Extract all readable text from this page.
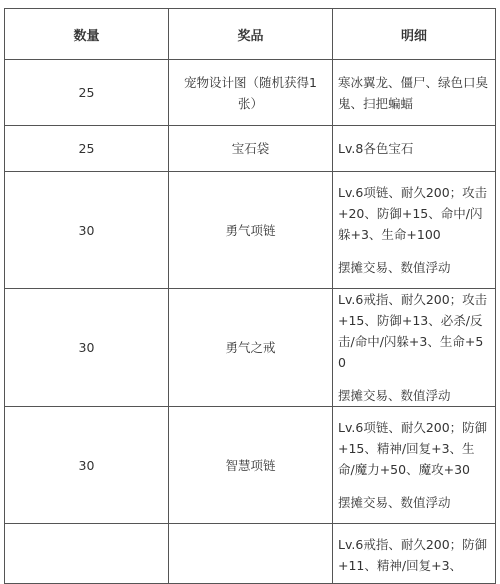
数量	奖品	明细
25	宠物设计图（随机获得1张）	寒冰翼龙、僵尸、绿色口臭鬼、扫把蝙蝠

25	宝石袋	Lv.8各色宝石

30	勇气项链	Lv.6项链、耐久200；攻击+20、防御+15、命中/闪躲+3、生命+100
摆摊交易、数值浮动

30	勇气之戒	Lv.6戒指、耐久200；攻击+15、防御+13、必杀/反击/命中/闪躲+3、生命+50
摆摊交易、数值浮动

30	智慧项链	Lv.6项链、耐久200；防御+15、精神/回复+3、生命/魔力+50、魔攻+30
摆摊交易、数值浮动

		Lv.6戒指、耐久200；防御+11、精神/回复+3、
